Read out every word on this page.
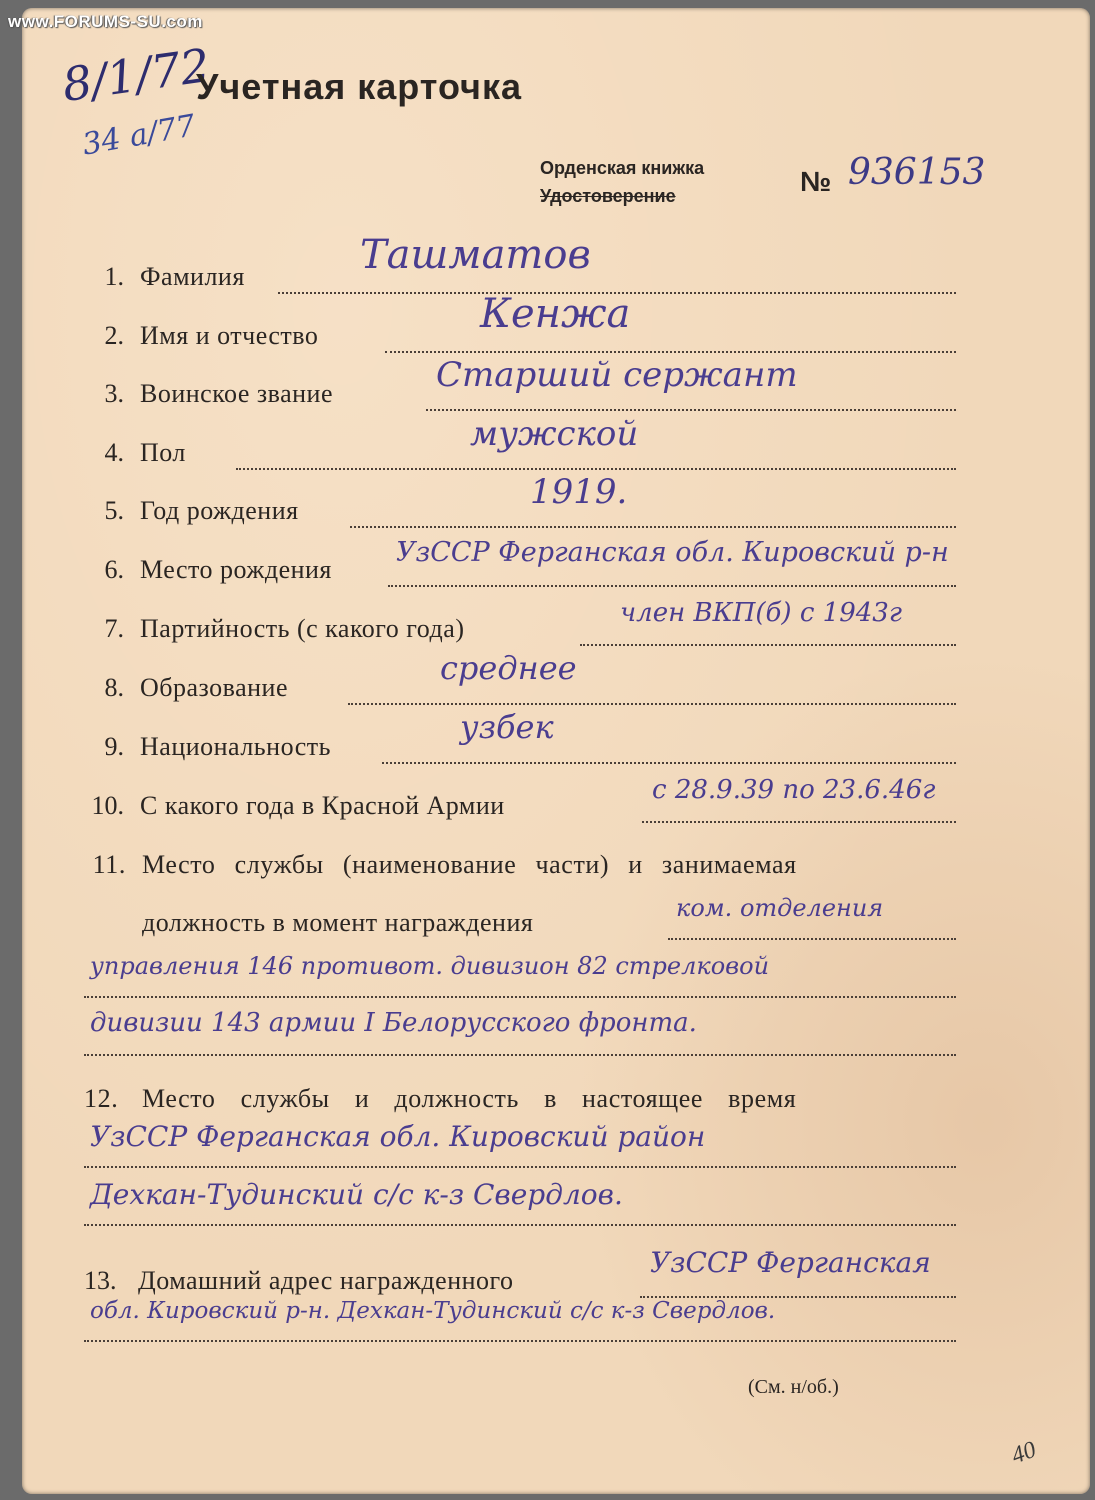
www.FORUMS-SU.com
8/1/72
34 а/77
Учетная карточка
Орденская книжка
Удостоверение	№ 936153
1. Фамилия	Ташматов
2. Имя и отчество	Кенжа
3. Воинское звание	Старший сержант
4. Пол	мужской
5. Год рождения	1919.
6. Место рождения
УзССР Ферганская обл. Кировский р-н
7. Партийность (с какого года)
член ВКП(б) с 1943г
8. Образование
среднее
9. Национальность
узбек
10. С какого года в Красной Армии
с 28.9.39 по 23.6.46г
11. Место службы (наименование части) и занимаемая
должность в момент награждения	ком. отделения
управления 146 противот. дивизион 82 стрелковой
дивизии 143 армии I Белорусского фронта.
12. Место службы и должность в настоящее время
УзССР Ферганская обл. Кировский район
Дехкан-Тудинский с/с к-з Свердлов.
13. Домашний адрес награжденного
УзССР Ферганская
обл. Кировский р-н. Дехкан-Тудинский с/с к-з Свердлов.
(См. н/об.)
40
